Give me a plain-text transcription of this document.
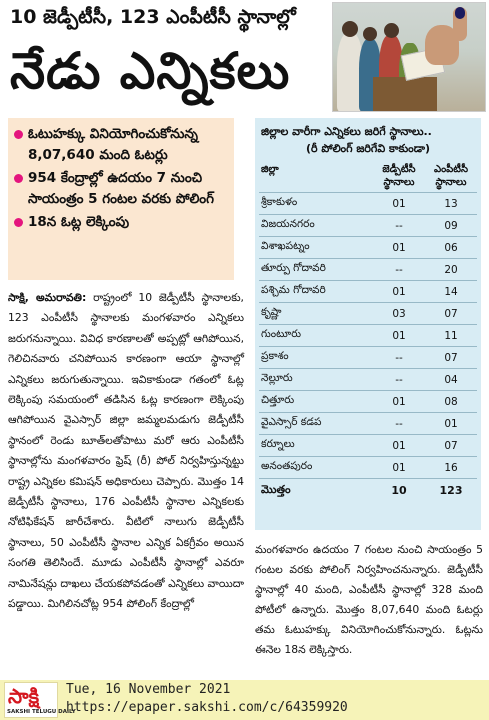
10 జెడ్పీటీసీ, 123 ఎంపీటీసీ స్థానాల్లో
నేడు ఎన్నికలు
ఓటుహక్కు వినియోగించుకోనున్న 8,07,640 మంది ఓటర్లు
954 కేంద్రాల్లో ఉదయం 7 నుంచి సాయంత్రం 5 గంటల వరకు పోలింగ్
18న ఓట్ల లెక్కింపు
జిల్లాల వారీగా ఎన్నికలు జరిగే స్థానాలు..
(రీ పోలింగ్ జరిగేవి కాకుండా)
జిల్లా	జెడ్పీటీసీ స్థానాలు	ఎంపీటీసీ స్థానాలు
శ్రీకాకుళం	01	13
విజయనగరం	--	09
విశాఖపట్నం	01	06
తూర్పు గోదావరి	--	20
పశ్చిమ గోదావరి	01	14
కృష్ణా	03	07
గుంటూరు	01	11
ప్రకాశం	--	07
నెల్లూరు	--	04
చిత్తూరు	01	08
వైఎస్సార్ కడప	--	01
కర్నూలు	01	07
అనంతపురం	01	16
మొత్తం	10	123
సాక్షి, అమరావతి: రాష్ట్రంలో 10 జెడ్పీటీసీ స్థానాలకు, 123 ఎంపీటీసీ స్థానాలకు మంగళవారం ఎన్నికలు జరుగనున్నాయి. వివిధ కారణాలతో అప్పట్లో ఆగిపోయిన, గెలిచినవారు చనిపోయిన కారణంగా ఆయా స్థానాల్లో ఎన్నికలు జరుగుతున్నాయి. ఇవికాకుండా గతంలో ఓట్ల లెక్కింపు సమయంలో తడిసిన ఓట్ల కారణంగా లెక్కింపు ఆగిపోయిన వైఎస్సార్ జిల్లా జమ్మలమడుగు జెడ్పీటీసీ స్థానంలో రెండు బూత్‌లతోపాటు మరో ఆరు ఎంపీటీసీ స్థానాల్లోను మంగళవారం ఫ్రెష్ (రీ) పోల్ నిర్వహిస్తున్నట్టు రాష్ట్ర ఎన్నికల కమిషన్ అధికారులు చెప్పారు. మొత్తం 14 జెడ్పీటీసీ స్థానాలు, 176 ఎంపీటీసీ స్థానాల ఎన్నికలకు నోటిఫికేషన్ జారీచేశారు. వీటిలో నాలుగు జెడ్పీటీసీ స్థానాలు, 50 ఎంపీటీసీ స్థానాల ఎన్నిక ఏకగ్రీవం అయిన సంగతి తెలిసిందే. మూడు ఎంపీటీసీ స్థానాల్లో ఎవరూ నామినేషన్లు దాఖలు చేయకపోవడంతో ఎన్నికలు వాయిదా పడ్డాయి. మిగిలినచోట్ల 954 పోలింగ్ కేంద్రాల్లో
మంగళవారం ఉదయం 7 గంటల నుంచి సాయంత్రం 5 గంటల వరకు పోలింగ్ నిర్వహించనున్నారు. జెడ్పీటీసీ స్థానాల్లో 40 మంది, ఎంపీటీసీ స్థానాల్లో 328 మంది పోటీలో ఉన్నారు. మొత్తం 8,07,640 మంది ఓటర్లు తమ ఓటుహక్కు వినియోగించుకోనున్నారు. ఓట్లను ఈనెల 18న లెక్కిస్తారు.
సాక్షి
SAKSHI TELUGU DAILY
Tue, 16 November 2021
https://epaper.sakshi.com/c/64359920
